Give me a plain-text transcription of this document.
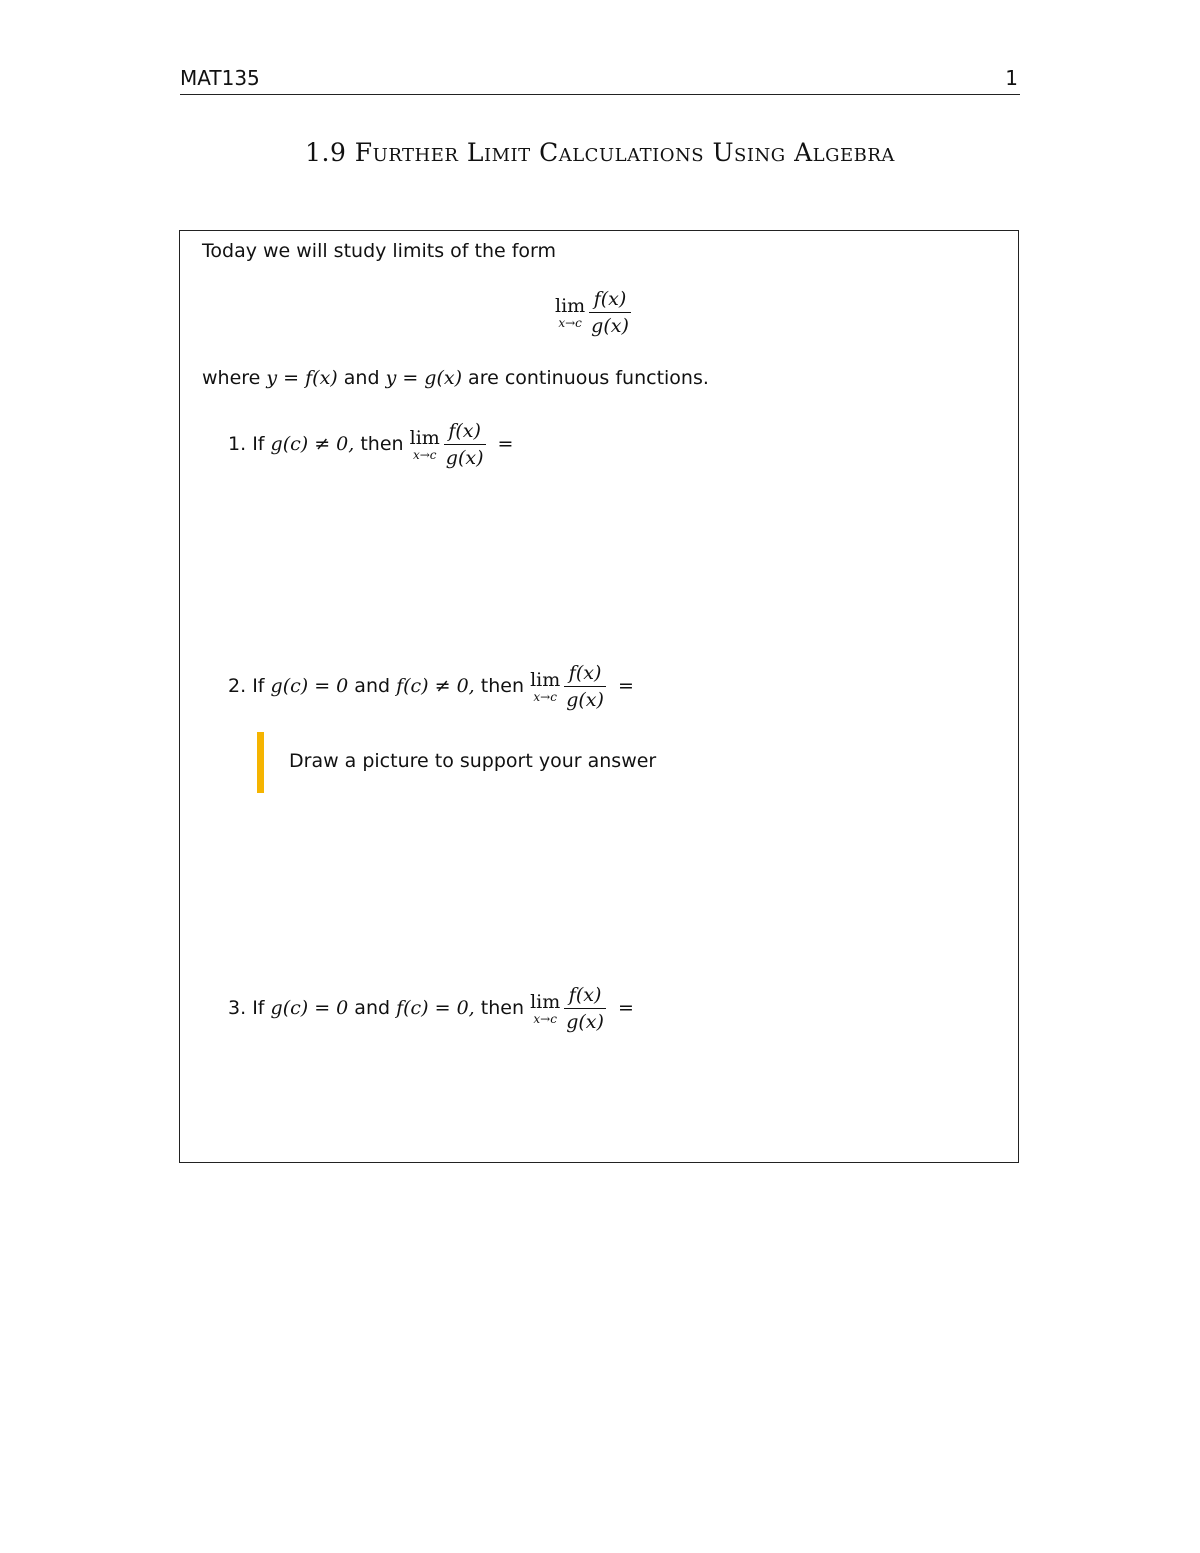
MAT135	1
1.9 Further Limit Calculations Using Algebra
Today we will study limits of the form
lim
$x\to c \frac{f(x)}{g(x)}$
where y = f(x) and y = g(x) are continuous functions.
1. If g(c) ≠ 0, then lim
$x\to c \frac{f(x)}{g(x)}$ =
2. If g(c) = 0 and f(c) ≠ 0, then lim
$x\to c \frac{f(x)}{g(x)}$ =
Draw a picture to support your answer
3. If g(c) = 0 and f(c) = 0, then lim
$x\to c \frac{f(x)}{g(x)}$ =
